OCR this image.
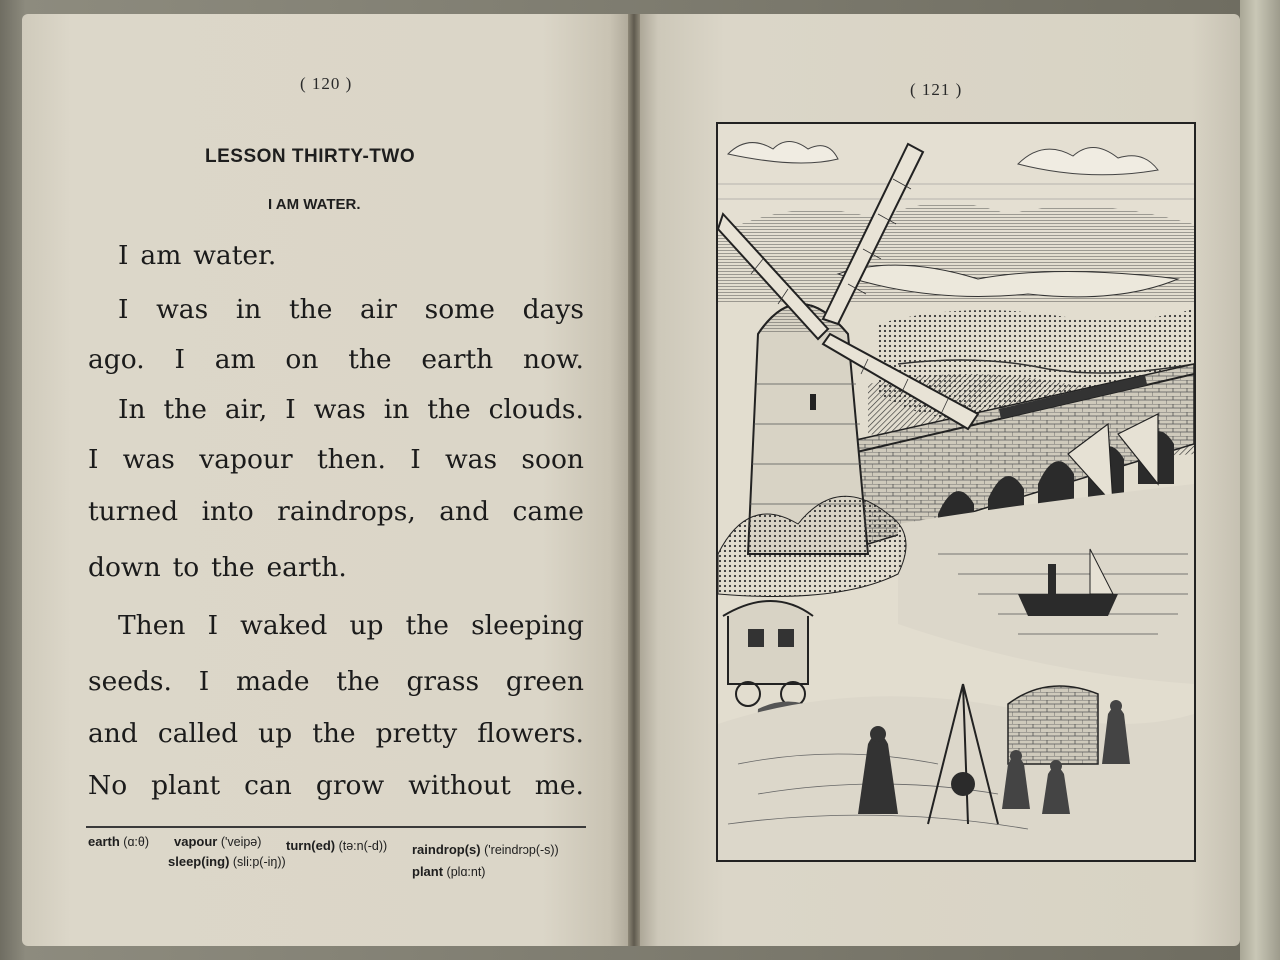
( 120 )	( 121 )
LESSON THIRTY-TWO
I AM WATER.
I am water.
I was in the air some days
ago. I am on the earth now.
In the air, I was in the clouds.
I was vapour then. I was soon
turned into raindrops, and came
down to the earth.
Then I waked up the sleeping
seeds. I made the grass green
and called up the pretty flowers.
No plant can grow without me.
earth (ɑ:θ) vapour ('veipə) turn(ed) (tə:n(-d)) raindrop(s) ('reindrɔp(-s))
sleep(ing) (sli:p(-iŋ))
plant (plɑ:nt)
